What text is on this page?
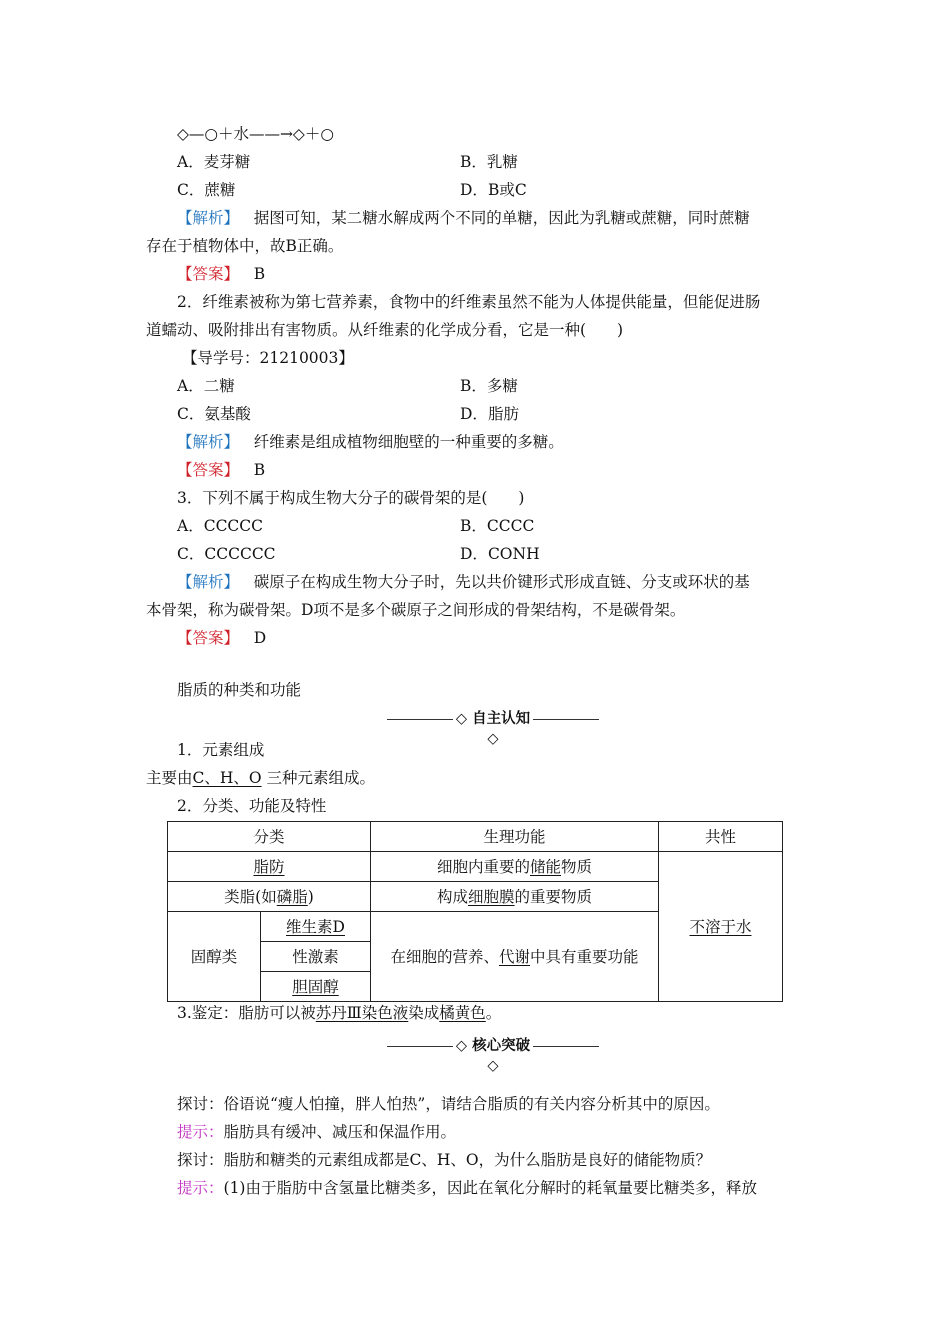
◇—○＋水——→◇＋○
A．麦芽糖	B．乳糖
C．蔗糖	D．B或C
【解析】 据图可知，某二糖水解成两个不同的单糖，因此为乳糖或蔗糖，同时蔗糖
存在于植物体中，故B正确。
【答案】 B
2．纤维素被称为第七营养素，食物中的纤维素虽然不能为人体提供能量，但能促进肠
道蠕动、吸附排出有害物质。从纤维素的化学成分看，它是一种(　　)
【导学号：21210003】
A．二糖	B．多糖
C．氨基酸	D．脂肪
【解析】 纤维素是组成植物细胞壁的一种重要的多糖。
【答案】 B
3．下列不属于构成生物大分子的碳骨架的是(　　)
A．CCCCC	B．CCCC
C．CCCCCC	D．CONH
【解析】 碳原子在构成生物大分子时，先以共价键形式形成直链、分支或环状的基
本骨架，称为碳骨架。D项不是多个碳原子之间形成的骨架结构，不是碳骨架。
【答案】 D
脂质的种类和功能
◇ 自主认知 ◇
1．元素组成
主要由C、H、O 三种元素组成。
2．分类、功能及特性
分类		生理功能	共性
脂防		细胞内重要的储能物质	不溶于水
类脂(如磷脂)		构成细胞膜的重要物质	
固醇类	维生素D	在细胞的营养、代谢中具有重要功能	
	性激素		
	胆固醇		
3.鉴定：脂肪可以被苏丹Ⅲ染色液染成橘黄色。
◇ 核心突破 ◇
探讨：俗语说“瘦人怕撞，胖人怕热”，请结合脂质的有关内容分析其中的原因。
提示：脂肪具有缓冲、减压和保温作用。
探讨：脂肪和糖类的元素组成都是C、H、O，为什么脂肪是良好的储能物质？
提示：(1)由于脂肪中含氢量比糖类多，因此在氧化分解时的耗氧量要比糖类多，释放
